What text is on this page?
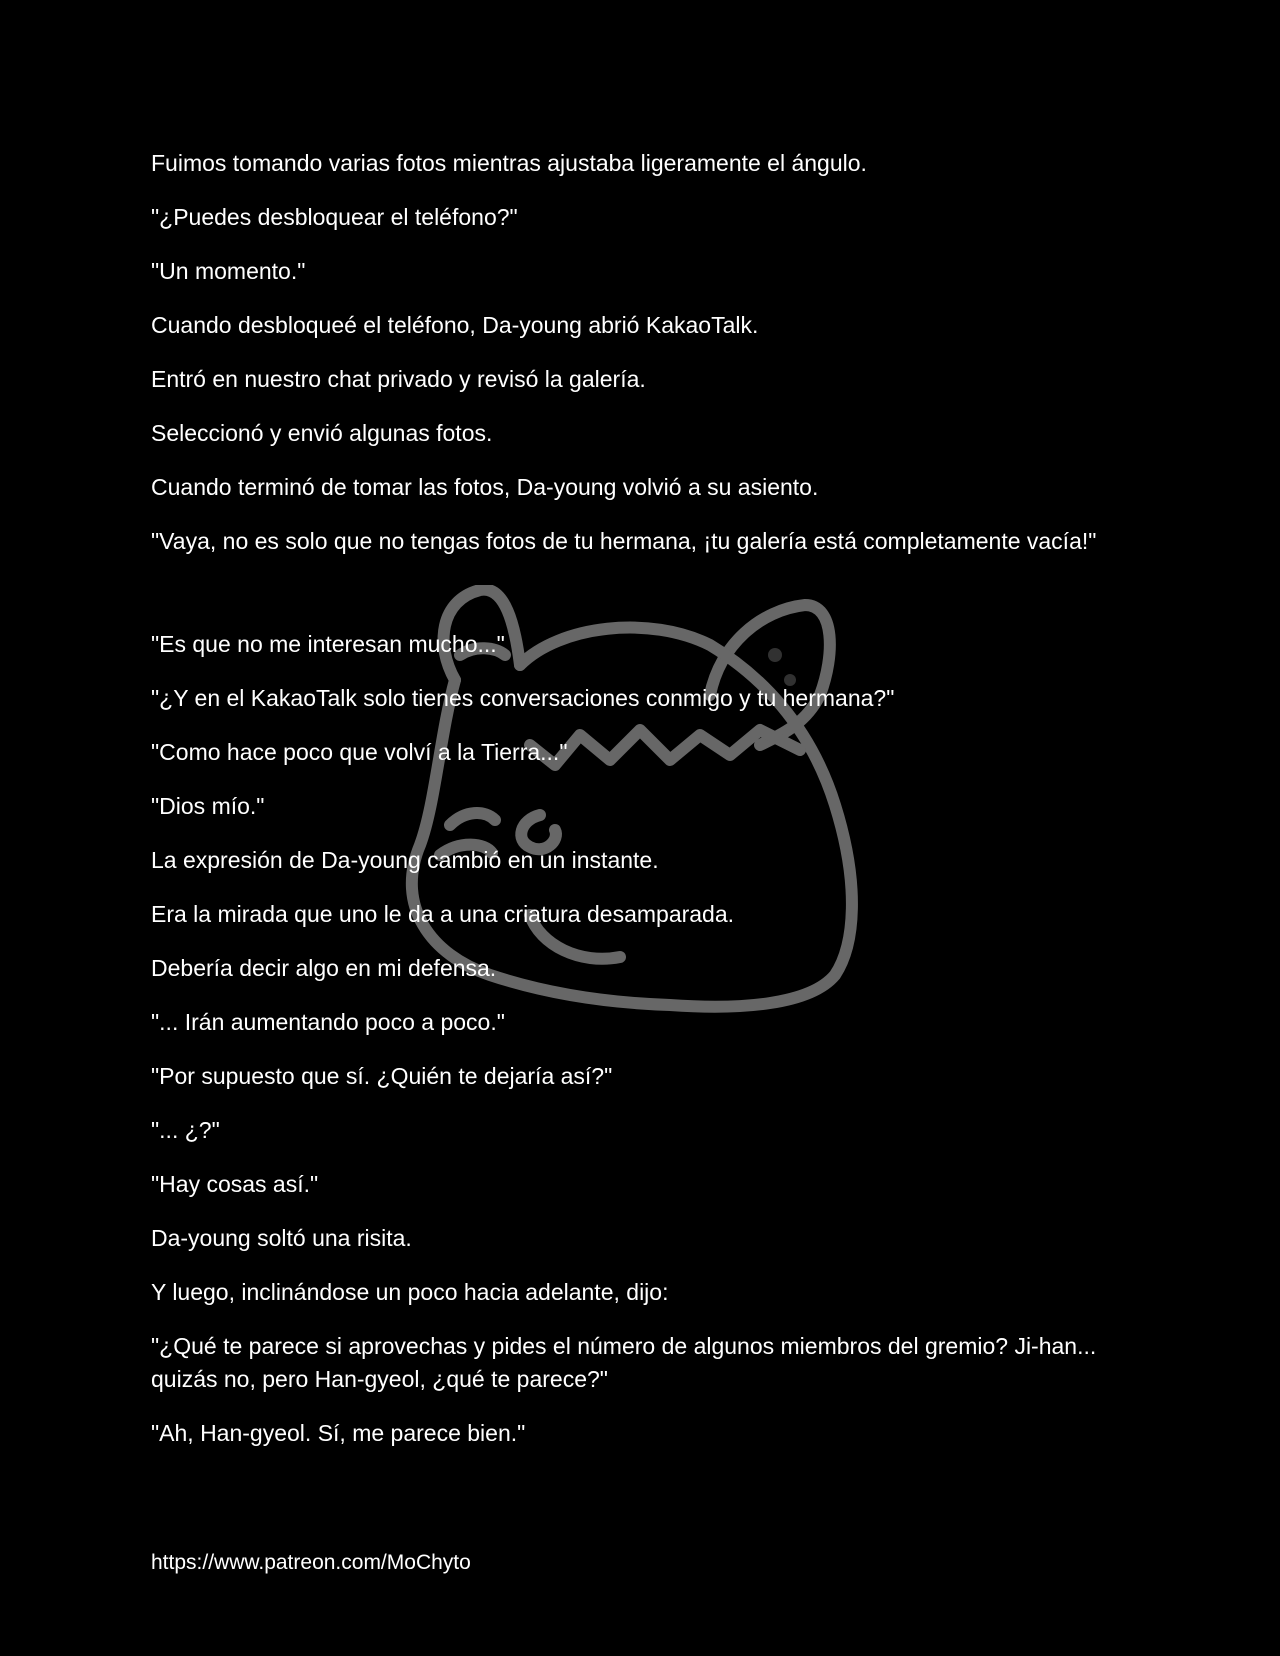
Fuimos tomando varias fotos mientras ajustaba ligeramente el ángulo.

"¿Puedes desbloquear el teléfono?"

"Un momento."

Cuando desbloqueé el teléfono, Da-young abrió KakaoTalk.

Entró en nuestro chat privado y revisó la galería.

Seleccionó y envió algunas fotos.

Cuando terminó de tomar las fotos, Da-young volvió a su asiento.

"Vaya, no es solo que no tengas fotos de tu hermana, ¡tu galería está completamente vacía!"

"Es que no me interesan mucho..."

"¿Y en el KakaoTalk solo tienes conversaciones conmigo y tu hermana?"

"Como hace poco que volví a la Tierra..."

"Dios mío."

La expresión de Da-young cambió en un instante.

Era la mirada que uno le da a una criatura desamparada.

Debería decir algo en mi defensa.

"... Irán aumentando poco a poco."

"Por supuesto que sí. ¿Quién te dejaría así?"

"... ¿?"

"Hay cosas así."

Da-young soltó una risita.

Y luego, inclinándose un poco hacia adelante, dijo:

"¿Qué te parece si aprovechas y pides el número de algunos miembros del gremio? Ji-han... quizás no, pero Han-gyeol, ¿qué te parece?"

"Ah, Han-gyeol. Sí, me parece bien."

https://www.patreon.com/MoChyto
